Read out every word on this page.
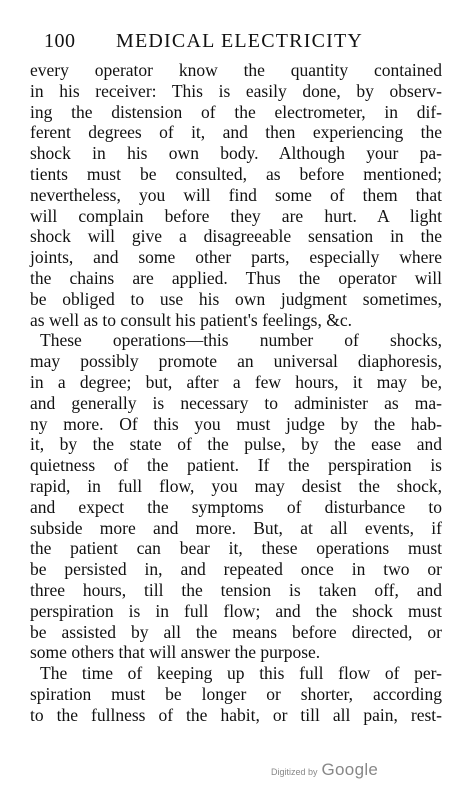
100 MEDICAL ELECTRICITY
every operator know the quantity contained
in his receiver: This is easily done, by observ-
ing the distension of the electrometer, in dif-
ferent degrees of it, and then experiencing the
shock in his own body. Although your pa-
tients must be consulted, as before mentioned;
nevertheless, you will find some of them that
will complain before they are hurt. A light
shock will give a disagreeable sensation in the
joints, and some other parts, especially where
the chains are applied. Thus the operator will
be obliged to use his own judgment sometimes,
as well as to consult his patient's feelings, &c.
These operations—this number of shocks,
may possibly promote an universal diaphoresis,
in a degree; but, after a few hours, it may be,
and generally is necessary to administer as ma-
ny more. Of this you must judge by the hab-
it, by the state of the pulse, by the ease and
quietness of the patient. If the perspiration is
rapid, in full flow, you may desist the shock,
and expect the symptoms of disturbance to
subside more and more. But, at all events, if
the patient can bear it, these operations must
be persisted in, and repeated once in two or
three hours, till the tension is taken off, and
perspiration is in full flow; and the shock must
be assisted by all the means before directed, or
some others that will answer the purpose.
The time of keeping up this full flow of per-
spiration must be longer or shorter, according
to the fullness of the habit, or till all pain, rest-
Digitized by Google
